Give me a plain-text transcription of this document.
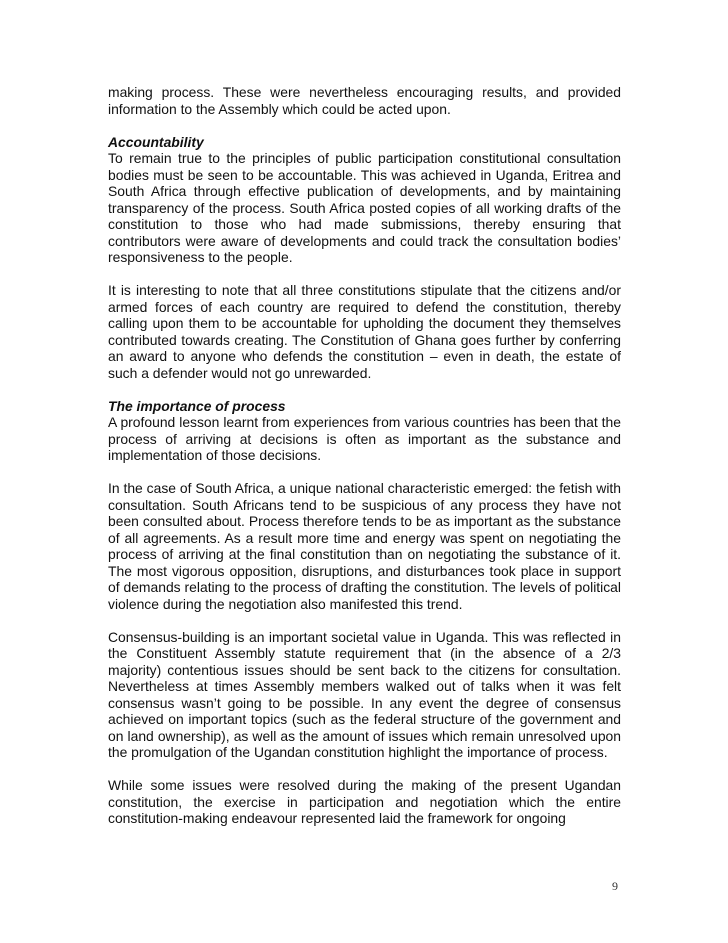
making process. These were nevertheless encouraging results, and provided information to the Assembly which could be acted upon.

Accountability
To remain true to the principles of public participation constitutional consultation bodies must be seen to be accountable. This was achieved in Uganda, Eritrea and South Africa through effective publication of developments, and by maintaining transparency of the process. South Africa posted copies of all working drafts of the constitution to those who had made submissions, thereby ensuring that contributors were aware of developments and could track the consultation bodies’ responsiveness to the people.

It is interesting to note that all three constitutions stipulate that the citizens and/or armed forces of each country are required to defend the constitution, thereby calling upon them to be accountable for upholding the document they themselves contributed towards creating. The Constitution of Ghana goes further by conferring an award to anyone who defends the constitution – even in death, the estate of such a defender would not go unrewarded.

The importance of process
A profound lesson learnt from experiences from various countries has been that the process of arriving at decisions is often as important as the substance and implementation of those decisions.

In the case of South Africa, a unique national characteristic emerged: the fetish with consultation. South Africans tend to be suspicious of any process they have not been consulted about. Process therefore tends to be as important as the substance of all agreements. As a result more time and energy was spent on negotiating the process of arriving at the final constitution than on negotiating the substance of it. The most vigorous opposition, disruptions, and disturbances took place in support of demands relating to the process of drafting the constitution. The levels of political violence during the negotiation also manifested this trend.

Consensus-building is an important societal value in Uganda. This was reflected in the Constituent Assembly statute requirement that (in the absence of a 2/3 majority) contentious issues should be sent back to the citizens for consultation. Nevertheless at times Assembly members walked out of talks when it was felt consensus wasn’t going to be possible. In any event the degree of consensus achieved on important topics (such as the federal structure of the government and on land ownership), as well as the amount of issues which remain unresolved upon the promulgation of the Ugandan constitution highlight the importance of process.

While some issues were resolved during the making of the present Ugandan constitution, the exercise in participation and negotiation which the entire constitution-making endeavour represented laid the framework for ongoing

9
